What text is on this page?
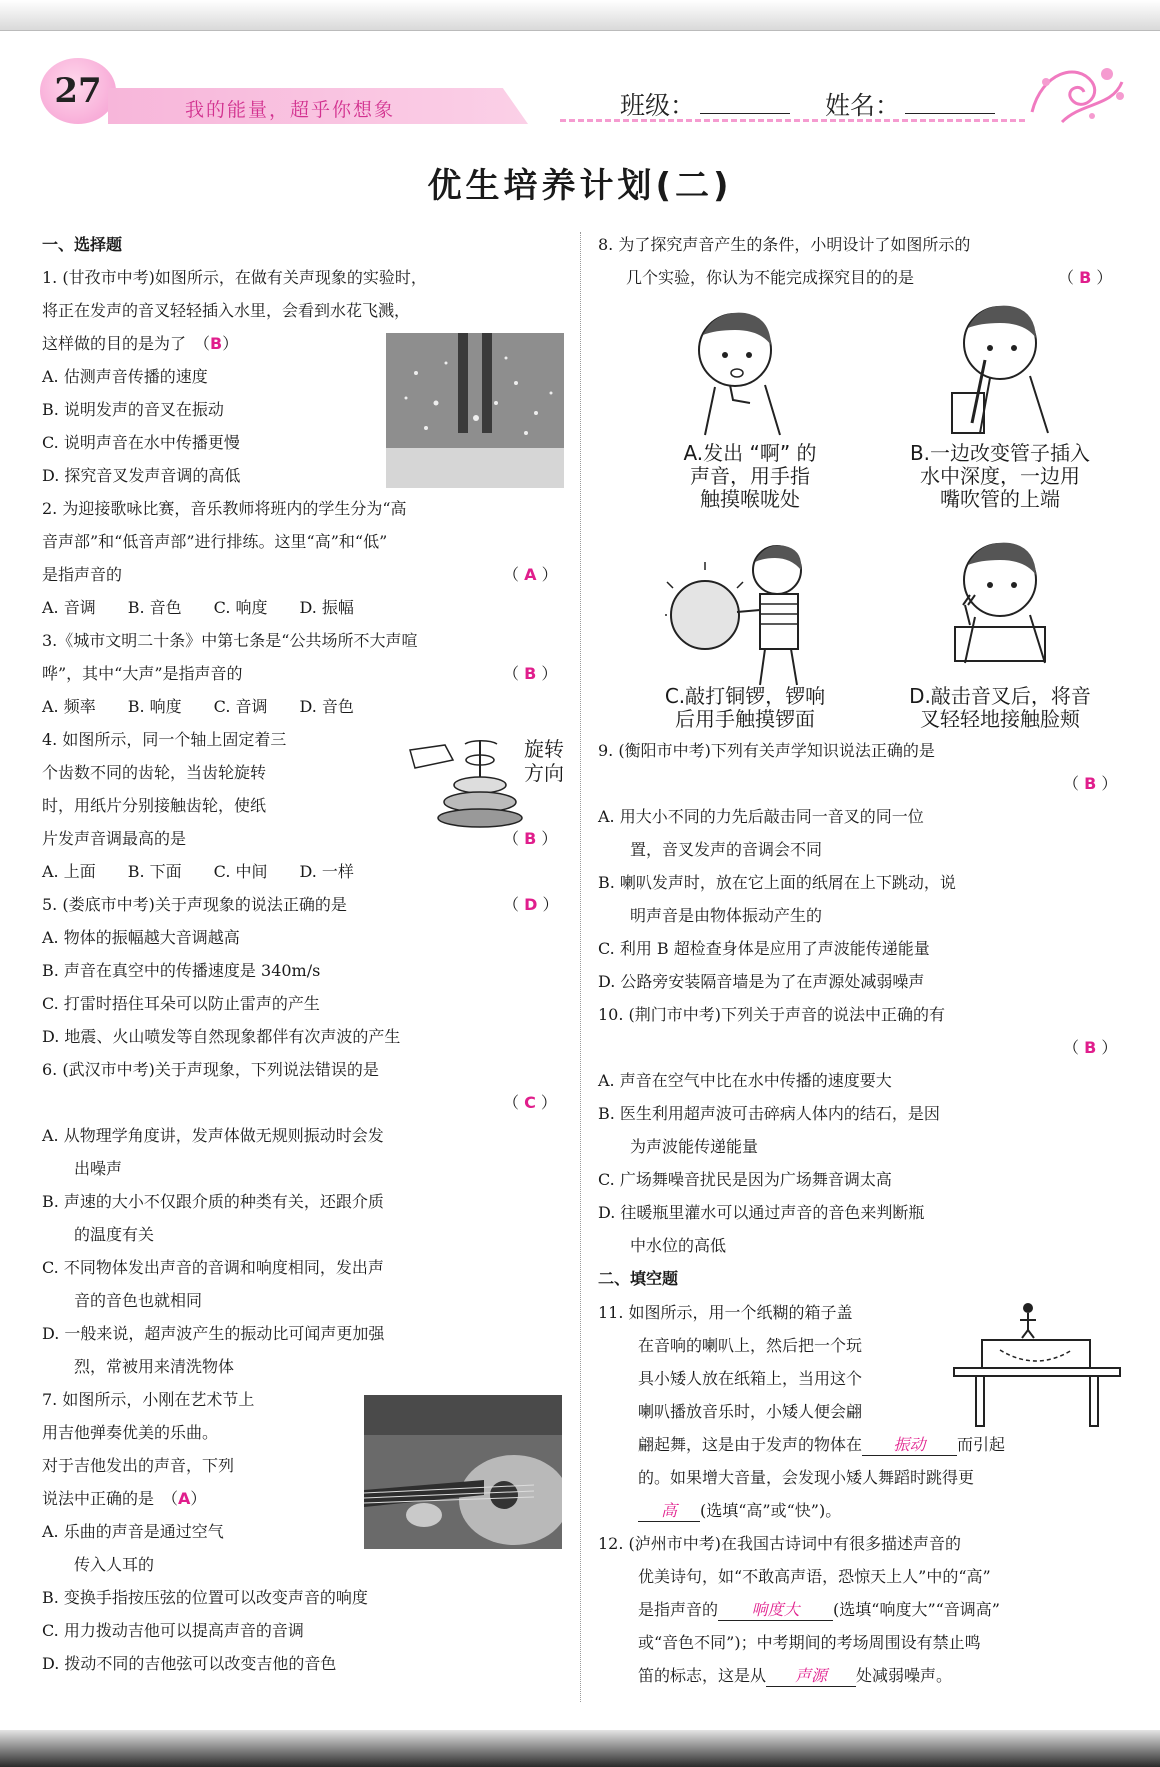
27	我的能量，超乎你想象	班级：	姓名：
优生培养计划(二)
一、选择题
1. (甘孜市中考)如图所示，在做有关声现象的实验时，
将正在发声的音叉轻轻插入水里，会看到水花飞溅，
这样做的目的是为了　（B）
A. 估测声音传播的速度
B. 说明发声的音叉在振动
C. 说明声音在水中传播更慢
D. 探究音叉发声音调的高低
2. 为迎接歌咏比赛，音乐教师将班内的学生分为“高
音声部”和“低音声部”进行排练。这里“高”和“低”
是指声音的	（ A ）
A. 音调　　B. 音色　　C. 响度　　D. 振幅
3.《城市文明二十条》中第七条是“公共场所不大声喧
哗”，其中“大声”是指声音的	（ B ）
A. 频率　　B. 响度　　C. 音调　　D. 音色
4. 如图所示，同一个轴上固定着三
个齿数不同的齿轮，当齿轮旋转
时，用纸片分别接触齿轮，使纸
片发声音调最高的是	（ B ）
A. 上面　　B. 下面　　C. 中间　　D. 一样
5. (娄底市中考)关于声现象的说法正确的是	（ D ）
A. 物体的振幅越大音调越高
B. 声音在真空中的传播速度是 340m/s
C. 打雷时捂住耳朵可以防止雷声的产生
D. 地震、火山喷发等自然现象都伴有次声波的产生
6. (武汉市中考)关于声现象，下列说法错误的是
（ C ）
A. 从物理学角度讲，发声体做无规则振动时会发
　　出噪声
B. 声速的大小不仅跟介质的种类有关，还跟介质
　　的温度有关
C. 不同物体发出声音的音调和响度相同，发出声
　　音的音色也就相同
D. 一般来说，超声波产生的振动比可闻声更加强
　　烈，常被用来清洗物体
7. 如图所示，小刚在艺术节上
用吉他弹奏优美的乐曲。
对于吉他发出的声音，下列
说法中正确的是　（A）
A. 乐曲的声音是通过空气
　　传入人耳的
B. 变换手指按压弦的位置可以改变声音的响度
C. 用力拨动吉他可以提高声音的音调
D. 拨动不同的吉他弦可以改变吉他的音色
9. (衡阳市中考)下列有关声学知识说法正确的是
（ B ）
A. 用大小不同的力先后敲击同一音叉的同一位
　　置，音叉发声的音调会不同
B. 喇叭发声时，放在它上面的纸屑在上下跳动，说
　　明声音是由物体振动产生的
C. 利用 B 超检查身体是应用了声波能传递能量
D. 公路旁安装隔音墙是为了在声源处减弱噪声
10. (荆门市中考)下列关于声音的说法中正确的有
（ B ）
A. 声音在空气中比在水中传播的速度要大
B. 医生利用超声波可击碎病人体内的结石，是因
　　为声波能传递能量
C. 广场舞噪音扰民是因为广场舞音调太高
D. 往暖瓶里灌水可以通过声音的音色来判断瓶
　　中水位的高低
二、填空题
旋转
方向
8. 为了探究声音产生的条件，小明设计了如图所示的
几个实验，你认为不能完成探究目的的是	（ B ）
A.发出 “啊” 的
声音，用手指
触摸喉咙处
B.一边改变管子插入
水中深度，一边用
嘴吹管的上端
C.敲打铜锣，锣响
后用手触摸锣面
D.敲击音叉后，将音
叉轻轻地接触脸颊
11. 如图所示，用一个纸糊的箱子盖
在音响的喇叭上，然后把一个玩
具小矮人放在纸箱上，当用这个
喇叭播放音乐时，小矮人便会翩
翩起舞，这是由于发声的物体在 振动 而引起
的。如果增大音量，会发现小矮人舞蹈时跳得更
高 (选填“高”或“快”)。
12. (泸州市中考)在我国古诗词中有很多描述声音的
优美诗句，如“不敢高声语，恐惊天上人”中的“高”
是指声音的 响度大 (选填“响度大”“音调高”
或“音色不同”)；中考期间的考场周围设有禁止鸣
笛的标志，这是从 声源 处减弱噪声。
